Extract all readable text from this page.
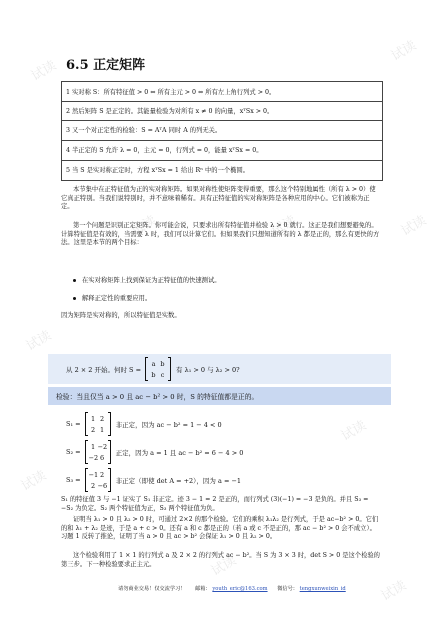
试读
试读
试读	试读	试读
试读
试读
试读
试读
试读
6.5 正定矩阵
1 实对称 S：所有特征值 > 0 ⇔ 所有主元 > 0 ⇔ 所有左上角行列式 > 0。
2 然后矩阵 S 是正定的。其能量检验为对所有 x ≠ 0 的向量，xᵀSx > 0。
3 又一个对正定性的检验：S = AᵀA 同时 A 的列无关。
4 半正定的 S 允许 λ = 0，主元 = 0，行列式 = 0，能量 xᵀSx = 0。
5 当 S 是实对称正定时，方程 xᵀSx = 1 给出 Rⁿ 中的一个椭圆。
本节集中在正特征值为正的实对称矩阵。如果对称性使矩阵变得重要，那么这个特别地属性（所有 λ > 0）使它真正特别。当我们说特别时，并不意味着稀有。具有正特征值的实对称矩阵是各种应用的中心。它们被称为正定。
第一个问题是识别正定矩阵。你可能会说，只要求出所有特征值并检验 λ > 0 就行。这正是我们想要避免的。计算特征值是有效的，当需要 λ 时，我们可以计算它们。但如果我们只想知道所有的 λ 都是正的，那么有更快的方法。这里是本节的两个目标：
在实对称矩阵上找到保证为正特征值的快速测试。
解释正定性的重要应用。
因为矩阵是实对称的，所以特征值是实数。
从 2 × 2 开始。何时 S =
a b
b c
有 λ₁ > 0 与 λ₂ > 0?
检验：当且仅当 a > 0 且 ac − b² > 0 时，S 的特征值都是正的。
S₁ =
1 2
2 1
非正定，因为 ac − b² = 1 − 4 < 0
S₂ =
1 −2
−2 6
正定，因为 a = 1 且 ac − b² = 6 − 4 > 0
S₃ =
−1 2
2 −6
非正定（即使 det A = +2），因为 a = −1
S₁ 的特征值 3 与 −1 证实了 S₁ 非正定。迹 3 − 1 = 2 是正的，而行列式 (3)(−1) = −3 是负的。并且 S₃ = −S₂ 为负定。S₂ 两个特征值为正，S₃ 两个特征值为负。
证明当 λ₁ > 0 且 λ₂ > 0 时，可通过 2×2 的那个检验。它们的乘积 λ₁λ₂ 是行列式，于是 ac−b² > 0。它们的和 λ₁ + λ₂ 是迹，于是 a + c > 0。还有 a 和 c 都是正的（若 a 或 c 不是正的，那 ac − b² > 0 会不成立）。习题 1 反转了推论，证明了当 a > 0 且 ac > b² 会保证 λ₁ > 0 且 λ₂ > 0。
这个检验利用了 1 × 1 的行列式 a 及 2 × 2 的行列式 ac − b²。当 S 为 3 × 3 时，det S > 0 是这个检验的第三步。下一种检验要求正主元。
请勿商业交易！仅交流学习！ 邮箱： youth_eric@163.com 微信号： tengxunweixin_id
